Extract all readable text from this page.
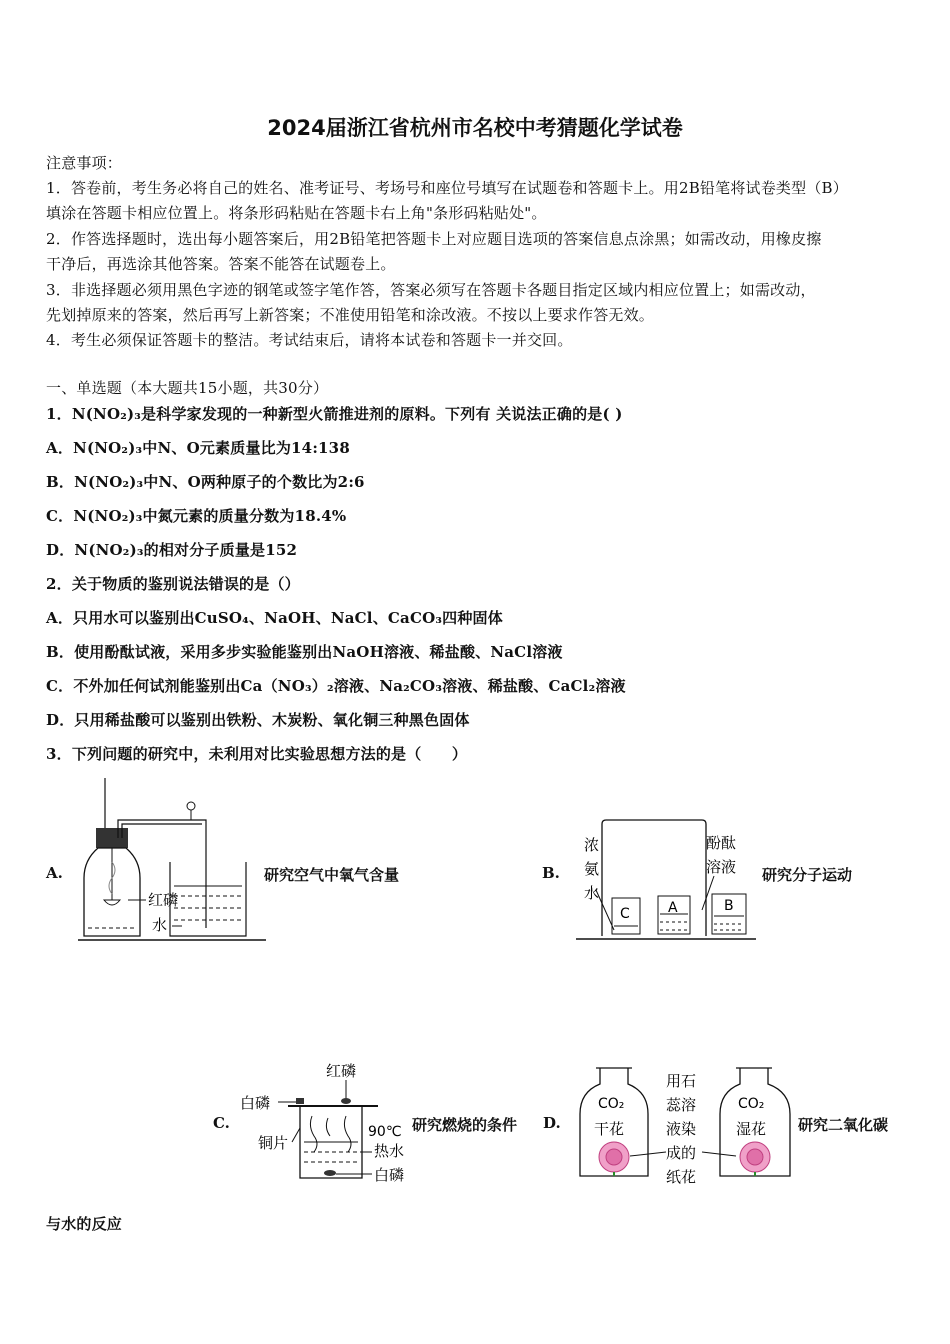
2024届浙江省杭州市名校中考猜题化学试卷
注意事项：
1．答卷前，考生务必将自己的姓名、准考证号、考场号和座位号填写在试题卷和答题卡上。用2B铅笔将试卷类型（B）
填涂在答题卡相应位置上。将条形码粘贴在答题卡右上角"条形码粘贴处"。
2．作答选择题时，选出每小题答案后，用2B铅笔把答题卡上对应题目选项的答案信息点涂黑；如需改动，用橡皮擦
干净后，再选涂其他答案。答案不能答在试题卷上。
3．非选择题必须用黑色字迹的钢笔或签字笔作答，答案必须写在答题卡各题目指定区域内相应位置上；如需改动，
先划掉原来的答案，然后再写上新答案；不准使用铅笔和涂改液。不按以上要求作答无效。
4．考生必须保证答题卡的整洁。考试结束后，请将本试卷和答题卡一并交回。
一、单选题（本大题共15小题，共30分）
1．N(NO₂)₃是科学家发现的一种新型火箭推进剂的原料。下列有 关说法正确的是( )
A．N(NO₂)₃中N、O元素质量比为14:138
B．N(NO₂)₃中N、O两种原子的个数比为2:6
C．N(NO₂)₃中氮元素的质量分数为18.4%
D．N(NO₂)₃的相对分子质量是152
2．关于物质的鉴别说法错误的是（）
A．只用水可以鉴别出CuSO₄、NaOH、NaCl、CaCO₃四种固体
B．使用酚酞试液，采用多步实验能鉴别出NaOH溶液、稀盐酸、NaCl溶液
C．不外加任何试剂能鉴别出Ca（NO₃）₂溶液、Na₂CO₃溶液、稀盐酸、CaCl₂溶液
D．只用稀盐酸可以鉴别出铁粉、木炭粉、氧化铜三种黑色固体
3．下列问题的研究中，未利用对比实验思想方法的是（　　）
A.
红磷
水
研究空气中氧气含量	B.
浓
氨
水
酚酞
溶液
C	A	B
研究分子运动
C.
红磷
白磷
90℃
铜片	热水
白磷
研究燃烧的条件 D.
CO₂
干花
用石
蕊溶
液染
成的
纸花
CO₂
湿花 研究二氧化碳
与水的反应
